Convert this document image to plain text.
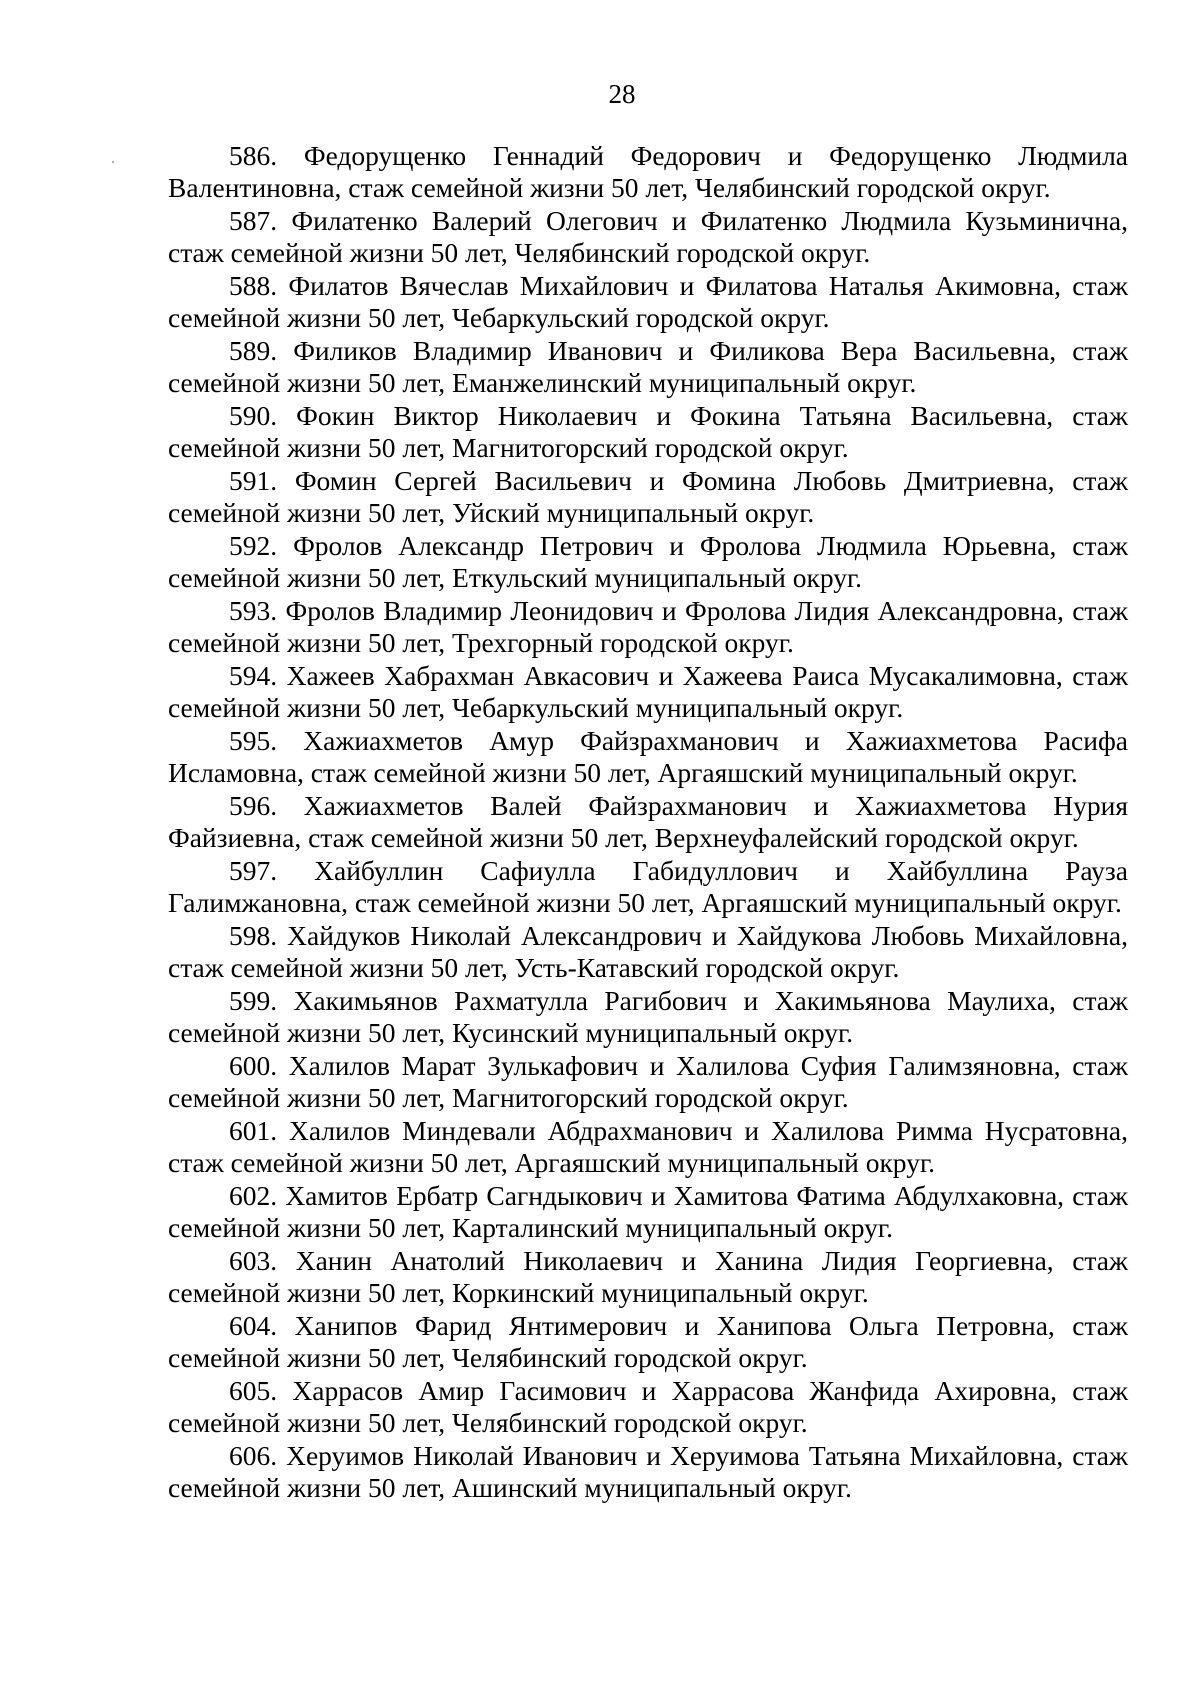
28

586. Федорущенко Геннадий Федорович и Федорущенко Людмила Валентиновна, стаж семейной жизни 50 лет, Челябинский городской округ.

587. Филатенко Валерий Олегович и Филатенко Людмила Кузьминична, стаж семейной жизни 50 лет, Челябинский городской округ.

588. Филатов Вячеслав Михайлович и Филатова Наталья Акимовна, стаж семейной жизни 50 лет, Чебаркульский городской округ.

589. Филиков Владимир Иванович и Филикова Вера Васильевна, стаж семейной жизни 50 лет, Еманжелинский муниципальный округ.

590. Фокин Виктор Николаевич и Фокина Татьяна Васильевна, стаж семейной жизни 50 лет, Магнитогорский городской округ.

591. Фомин Сергей Васильевич и Фомина Любовь Дмитриевна, стаж семейной жизни 50 лет, Уйский муниципальный округ.

592. Фролов Александр Петрович и Фролова Людмила Юрьевна, стаж семейной жизни 50 лет, Еткульский муниципальный округ.

593. Фролов Владимир Леонидович и Фролова Лидия Александровна, стаж семейной жизни 50 лет, Трехгорный городской округ.

594. Хажеев Хабрахман Авкасович и Хажеева Раиса Мусакалимовна, стаж семейной жизни 50 лет, Чебаркульский муниципальный округ.

595. Хажиахметов Амур Файзрахманович и Хажиахметова Расифа Исламовна, стаж семейной жизни 50 лет, Аргаяшский муниципальный округ.

596. Хажиахметов Валей Файзрахманович и Хажиахметова Нурия Файзиевна, стаж семейной жизни 50 лет, Верхнеуфалейский городской округ.

597. Хайбуллин Сафиулла Габидуллович и Хайбуллина Рауза Галимжановна, стаж семейной жизни 50 лет, Аргаяшский муниципальный округ.

598. Хайдуков Николай Александрович и Хайдукова Любовь Михайловна, стаж семейной жизни 50 лет, Усть-Катавский городской округ.

599. Хакимьянов Рахматулла Рагибович и Хакимьянова Маулиха, стаж семейной жизни 50 лет, Кусинский муниципальный округ.

600. Халилов Марат Зулькафович и Халилова Суфия Галимзяновна, стаж семейной жизни 50 лет, Магнитогорский городской округ.

601. Халилов Миндевали Абдрахманович и Халилова Римма Нусратовна, стаж семейной жизни 50 лет, Аргаяшский муниципальный округ.

602. Хамитов Ербатр Сагндыкович и Хамитова Фатима Абдулхаковна, стаж семейной жизни 50 лет, Карталинский муниципальный округ.

603. Ханин Анатолий Николаевич и Ханина Лидия Георгиевна, стаж семейной жизни 50 лет, Коркинский муниципальный округ.

604. Ханипов Фарид Янтимерович и Ханипова Ольга Петровна, стаж семейной жизни 50 лет, Челябинский городской округ.

605. Харрасов Амир Гасимович и Харрасова Жанфида Ахировна, стаж семейной жизни 50 лет, Челябинский городской округ.

606. Херуимов Николай Иванович и Херуимова Татьяна Михайловна, стаж семейной жизни 50 лет, Ашинский муниципальный округ.
